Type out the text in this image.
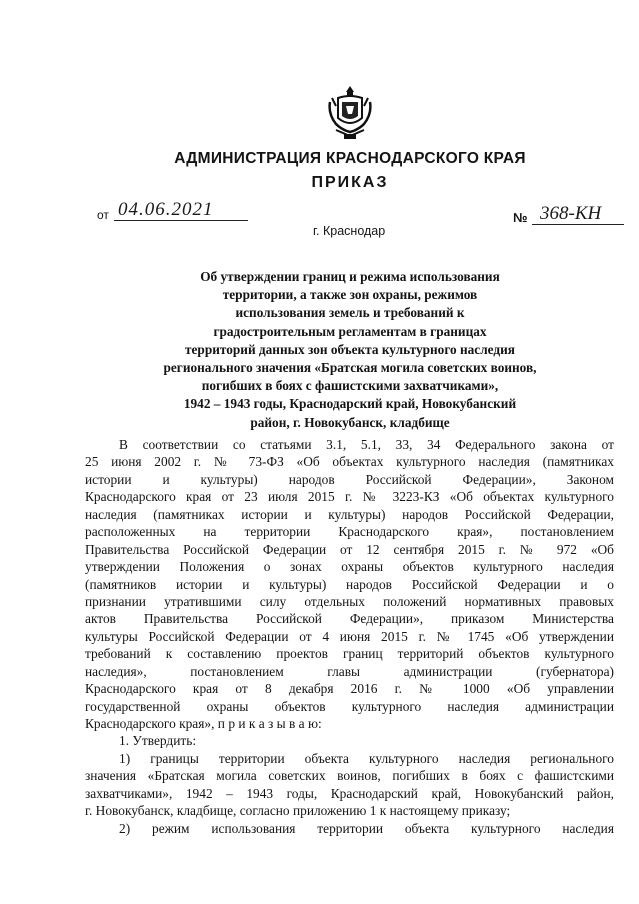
АДМИНИСТРАЦИЯ КРАСНОДАРСКОГО КРАЯ
ПРИКАЗ
от 04.06.2021	№ 368-КН
г. Краснодар
Об утверждении границ и режима использования
территории, а также зон охраны, режимов
использования земель и требований к
градостроительным регламентам в границах
территорий данных зон объекта культурного наследия
регионального значения «Братская могила советских воинов,
погибших в боях с фашистскими захватчиками»,
1942 – 1943 годы, Краснодарский край, Новокубанский
район, г. Новокубанск, кладбище
В соответствии со статьями 3.1, 5.1, 33, 34 Федерального закона от
25 июня 2002 г. № 73-ФЗ «Об объектах культурного наследия (памятниках
истории и культуры) народов Российской Федерации», Законом
Краснодарского края от 23 июля 2015 г. № 3223-КЗ «Об объектах культурного
наследия (памятниках истории и культуры) народов Российской Федерации,
расположенных на территории Краснодарского края», постановлением
Правительства Российской Федерации от 12 сентября 2015 г. № 972 «Об
утверждении Положения о зонах охраны объектов культурного наследия
(памятников истории и культуры) народов Российской Федерации и о
признании утратившими силу отдельных положений нормативных правовых
актов Правительства Российской Федерации», приказом Министерства
культуры Российской Федерации от 4 июня 2015 г. № 1745 «Об утверждении
требований к составлению проектов границ территорий объектов культурного
наследия», постановлением главы администрации (губернатора)
Краснодарского края от 8 декабря 2016 г. № 1000 «Об управлении
государственной охраны объектов культурного наследия администрации
Краснодарского края», п р и к а з ы в а ю:
1. Утвердить:
1) границы территории объекта культурного наследия регионального
значения «Братская могила советских воинов, погибших в боях с фашистскими
захватчиками», 1942 – 1943 годы, Краснодарский край, Новокубанский район,
г. Новокубанск, кладбище, согласно приложению 1 к настоящему приказу;
2) режим использования территории объекта культурного наследия
